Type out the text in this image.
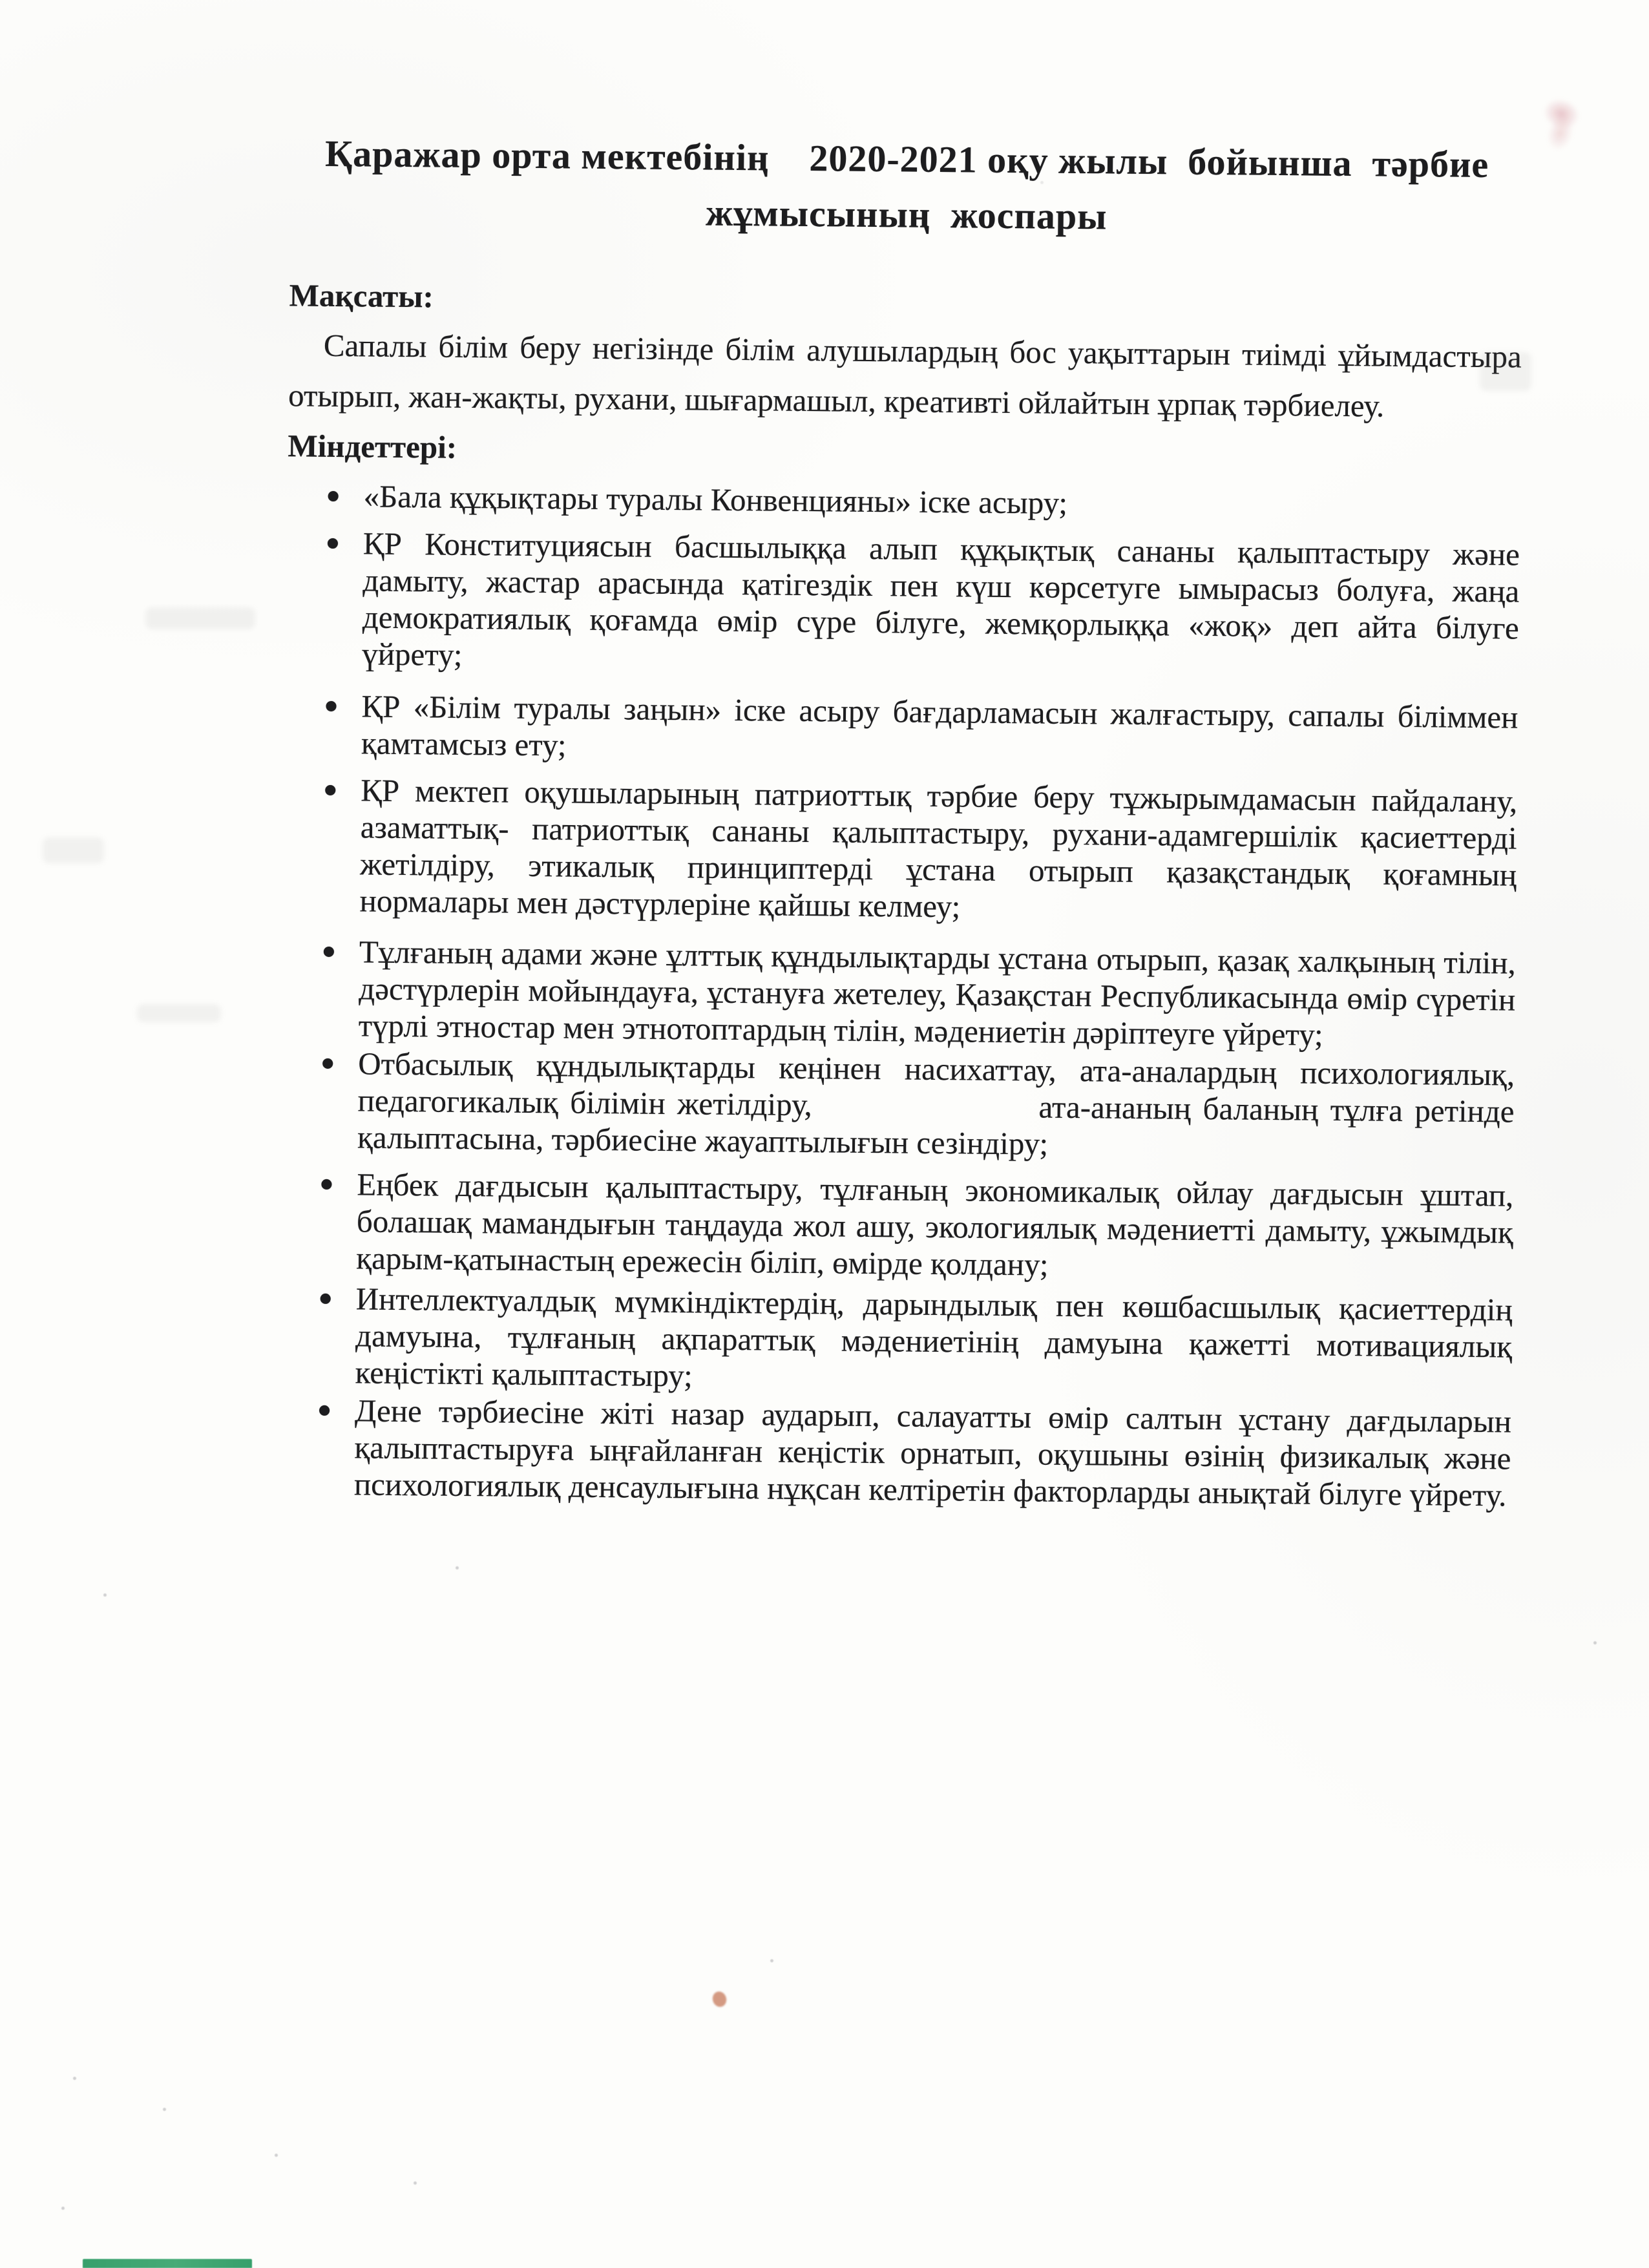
Қаражар орта мектебінің    2020-2021 оқу жылы  бойынша  тәрбие
жұмысының  жоспары
Мақсаты:

Сапалы білім беру негізінде білім алушылардың бос уақыттарын тиімді ұйымдастыра отырып, жан-жақты, рухани, шығармашыл, креативті ойлайтын ұрпақ тәрбиелеу.

Міндеттері:
«Бала құқықтары туралы Конвенцияны» іске асыру;
ҚР Конституциясын басшылыққа алып құқықтық сананы қалыптастыру және дамыту, жастар арасында қатігездік пен күш көрсетуге ымырасыз болуға, жаңа демократиялық қоғамда өмір сүре білуге, жемқорлыққа «жоқ» деп айта білуге үйрету;
ҚР «Білім туралы заңын» іске асыру бағдарламасын жалғастыру, сапалы біліммен қамтамсыз ету;
ҚР мектеп оқушыларының патриоттық тәрбие беру тұжырымдамасын пайдалану, азаматтық- патриоттық сананы қалыптастыру, рухани-адамгершілік қасиеттерді жетілдіру, этикалық принциптерді ұстана отырып қазақстандық қоғамның нормалары мен дәстүрлеріне қайшы келмеу;
Тұлғаның адами және ұлттық құндылықтарды ұстана отырып, қазақ халқының тілін, дәстүрлерін мойындауға, ұстануға жетелеу, Қазақстан Республикасында өмір сүретін түрлі этностар мен этнотоптардың тілін, мәдениетін дәріптеуге үйрету;
Отбасылық құндылықтарды кеңінен насихаттау, ата-аналардың психологиялық, педагогикалық білімін жетілдіру,                   ата-ананың баланың тұлға ретінде қалыптасына, тәрбиесіне жауаптылығын сезіндіру;
Еңбек дағдысын қалыптастыру, тұлғаның экономикалық ойлау дағдысын ұштап, болашақ мамандығын таңдауда жол ашу, экологиялық мәдениетті дамыту, ұжымдық қарым-қатынастың ережесін біліп, өмірде қолдану;
Интеллектуалдық мүмкіндіктердің, дарындылық пен көшбасшылық қасиеттердің дамуына, тұлғаның ақпараттық мәдениетінің дамуына қажетті мотивациялық кеңістікті қалыптастыру;
Дене тәрбиесіне жіті назар аударып, салауатты өмір салтын ұстану дағдыларын қалыптастыруға ыңғайланған кеңістік орнатып, оқушыны өзінің физикалық және психологиялық денсаулығына нұқсан келтіретін факторларды анықтай білуге үйрету.
